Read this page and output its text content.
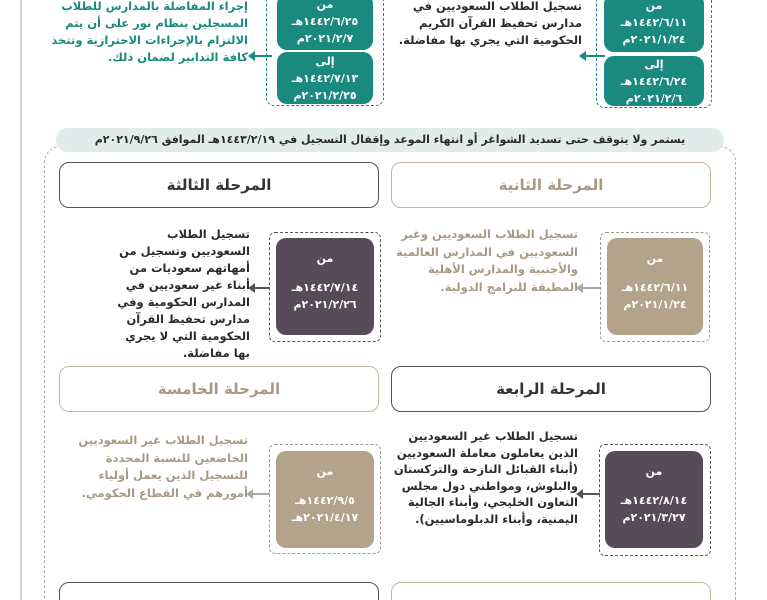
إجراء المفاضلة بالمدارس للطلاب المسجلين بنظام نور على أن يتم الالتزام بالإجراءات الاحترازية وتتخذ كافة التدابير لضمان ذلك.
من
١٤٤٢/٦/٢٥هـ
٢٠٢١/٢/٧م
إلى
١٤٤٢/٧/١٣هـ
٢٠٢١/٢/٢٥م
تسجيل الطلاب السعوديين في مدارس تحفيظ القرآن الكريم الحكومية التي يجري بها مفاضلة.
من
١٤٤٢/٦/١١هـ
٢٠٢١/١/٢٤م
إلى
١٤٤٢/٦/٢٤هـ
٢٠٢١/٢/٦م
يستمر ولا يتوقف حتى تسديد الشواغر أو انتهاء الموعد وإقفال التسجيل في ١٤٤٣/٢/١٩هـ الموافق ٢٠٢١/٩/٢٦م
المرحلة الثانية
المرحلة الثالثة
من
١٤٤٢/٦/١١هـ
٢٠٢١/١/٢٤م
تسجيل الطلاب السعوديين وغير السعوديين في المدارس العالمية والأجنبية والمدارس الأهلية المطبقة للبرامج الدولية.
من
١٤٤٢/٧/١٤هـ
٢٠٢١/٢/٢٦م
تسجيل الطلاب السعوديين وتسجيل من أمهاتهم سعوديات من أبناء غير سعوديين في المدارس الحكومية وفي مدارس تحفيظ القرآن الحكومية التي لا يجري بها مفاضلة.
المرحلة الرابعة
المرحلة الخامسة
من
١٤٤٢/٨/١٤هـ
٢٠٢١/٣/٢٧م
تسجيل الطلاب غير السعوديين الذين يعاملون معاملة السعوديين (أبناء القبائل النازحة والتركستان والبلوش، ومواطني دول مجلس التعاون الخليجي، وأبناء الجالية اليمنية، وأبناء الدبلوماسيين).
من
١٤٤٢/٩/٥هـ
٢٠٢١/٤/١٧هـ
تسجيل الطلاب غير السعوديين الخاضعين للنسبة المحددة للتسجيل الذين يعمل أولياء أمورهم في القطاع الحكومي.
